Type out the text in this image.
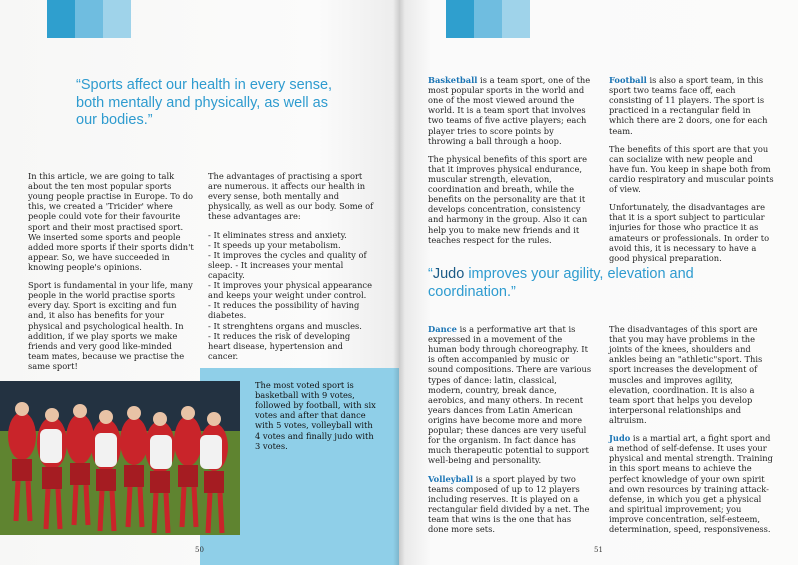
“Sports affect our health in every sense, both mentally and physically, as well as our bodies.”

In this article, we are going to talk about the ten most popular sports young people practise in Europe. To do this, we created a 'Tricider' where people could vote for their favourite sport and their most practised sport. We inserted some sports and people added more sports if their sports didn't appear. So, we have succeeded in knowing people's opinions.

Sport is fundamental in your life, many people in the world practise sports every day. Sport is exciting and fun and, it also has benefits for your physical and psychological health. In addition, if we play sports we make friends and very good like-minded team mates, because we practise the same sport!

The advantages of practising a sport are numerous. it affects our health in every sense, both mentally and physically, as well as our body. Some of these advantages are:

- It eliminates stress and anxiety.
- It speeds up your metabolism.
- It improves the cycles and quality of sleep. - It increases your mental capacity.
- It improves your physical appearance and keeps your weight under control.
- It reduces the possibility of having diabetes.
- It strenghtens organs and muscles.
- It reduces the risk of developing heart disease, hypertension and cancer.
The most voted sport is basketball with 9 votes, followed by football, with six votes and after that dance with 5 votes, volleyball with 4 votes and finally judo with 3 votes.
50

Basketball is a team sport, one of the most popular sports in the world and one of the most viewed around the world. It is a team sport that involves two teams of five active players; each player tries to score points by throwing a ball through a hoop.

The physical benefits of this sport are that it improves physical endurance, muscular strength, elevation, coordination and breath, while the benefits on the personality are that it develops concentration, consistency and harmony in the group. Also it can help you to make new friends and it teaches respect for the rules.

Football is also a sport team, in this sport two teams face off, each consisting of 11 players. The sport is practiced in a rectangular field in which there are 2 doors, one for each team.

The benefits of this sport are that you can socialize with new people and have fun. You keep in shape both from cardio respiratory and muscular points of view.

Unfortunately, the disadvantages are that it is a sport subject to particular injuries for those who practice it as amateurs or professionals. In order to avoid this, it is necessary to have a good physical preparation.

“Judo improves your agility, elevation and coordination.”

Dance is a performative art that is expressed in a movement of the human body through choreography. It is often accompanied by music or sound compositions. There are various types of dance: latin, classical, modern, country, break dance, aerobics, and many others. In recent years dances from Latin American origins have become more and more popular; these dances are very useful for the organism. In fact dance has much therapeutic potential to support well-being and personality.

Volleyball is a sport played by two teams composed of up to 12 players including reserves. It is played on a rectangular field divided by a net. The team that wins is the one that has done more sets.

The disadvantages of this sport are that you may have problems in the joints of the knees, shoulders and ankles being an "athletic"sport. This sport increases the development of muscles and improves agility, elevation, coordination. It is also a team sport that helps you develop interpersonal relationships and altruism.

Judo is a martial art, a fight sport and a method of self-defense. It uses your physical and mental strength. Training in this sport means to achieve the perfect knowledge of your own spirit and own resources by training attack-defense, in which you get a physical and spiritual improvement; you improve concentration, self-esteem, determination, speed, responsiveness.

51
